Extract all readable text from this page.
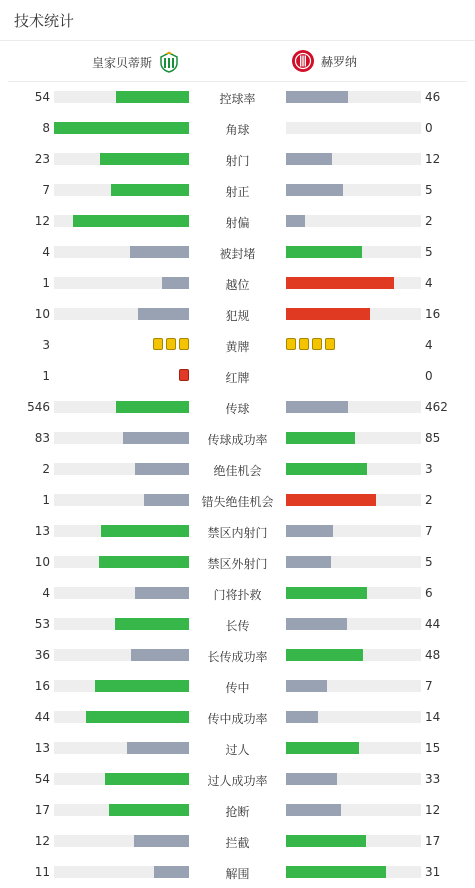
技术统计
皇家贝蒂斯	赫罗纳
54	控球率	46
8	角球	0
23	射门	12
7	射正	5
12	射偏	2
4	被封堵	5
1	越位	4
10	犯规	16
3	黄牌	4
1	红牌	0
546	传球	462
83	传球成功率	85
2	绝佳机会	3
1	错失绝佳机会	2
13	禁区内射门	7
10	禁区外射门	5
4	门将扑救	6
53	长传	44
36	长传成功率	48
16	传中	7
44	传中成功率	14
13	过人	15
54	过人成功率	33
17	抢断	12
12	拦截	17
11	解围	31
